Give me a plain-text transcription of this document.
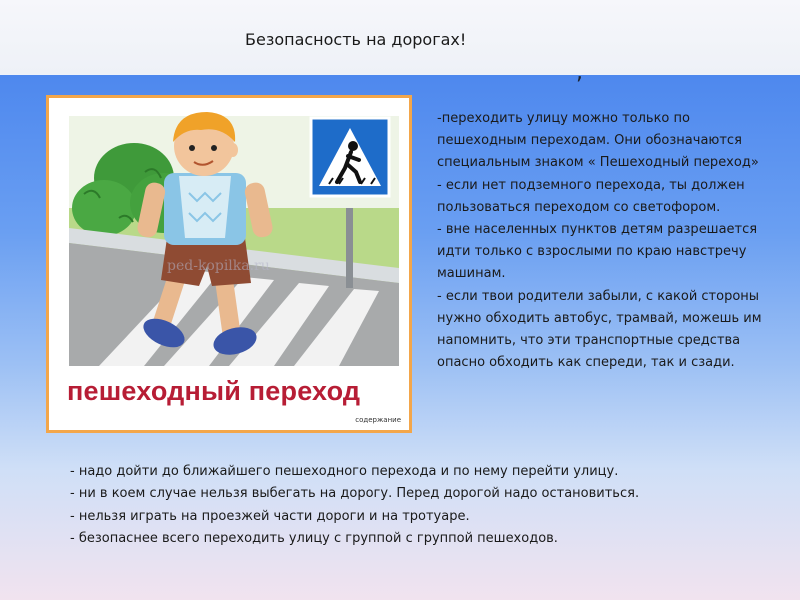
Безопасность на дорогах!
,
ped-kopilka.ru
пешеходный переход
содержание

-переходить улицу можно только по пешеходным переходам. Они обозначаются специальным знаком « Пешеходный переход»

- если нет подземного перехода, ты должен пользоваться переходом со светофором.

- вне населенных пунктов детям разрешается идти только с взрослыми по краю навстречу машинам.

- если твои родители забыли, с какой стороны нужно обходить автобус, трамвай, можешь им напомнить, что эти транспортные средства опасно обходить как спереди, так и сзади.

- надо дойти до ближайшего пешеходного перехода и по нему перейти улицу.

- ни в коем случае нельзя выбегать на дорогу. Перед дорогой надо остановиться.

- нельзя играть на проезжей части дороги и на тротуаре.

- безопаснее всего переходить улицу с группой с группой пешеходов.
